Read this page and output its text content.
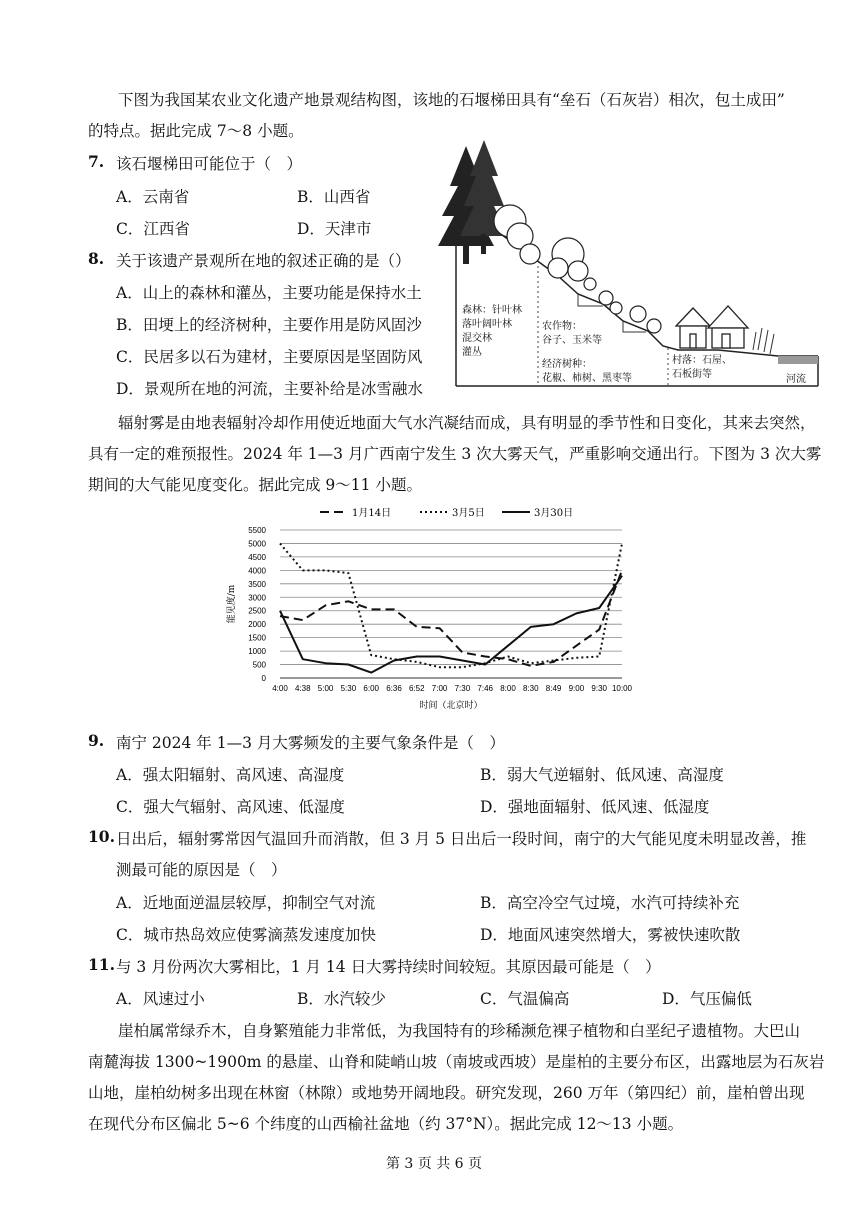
下图为我国某农业文化遗产地景观结构图，该地的石堰梯田具有“垒石（石灰岩）相次，包土成田”
的特点。据此完成 7～8 小题。
7. 该石堰梯田可能位于（　）
A．云南省	B．山西省
C．江西省	D．天津市
8. 关于该遗产景观所在地的叙述正确的是（）
A．山上的森林和灌丛，主要功能是保持水土
B．田埂上的经济树种，主要作用是防风固沙
C．民居多以石为建材，主要原因是坚固防风
D．景观所在地的河流，主要补给是冰雪融水
森林：针叶林
落叶阔叶林
混交林
灌丛
农作物：
谷子、玉米等
经济树种：
花椒、柿树、黑枣等
村落：石屋、
石板街等	河流
辐射雾是由地表辐射冷却作用使近地面大气水汽凝结而成，具有明显的季节性和日变化，其来去突然，
具有一定的难预报性。2024 年 1—3 月广西南宁发生 3 次大雾天气，严重影响交通出行。下图为 3 次大雾
期间的大气能见度变化。据此完成 9～11 小题。
0
500
1000
1500
2000
2500
3000
3500
4000
4500
5000
5500
4:00 4:38 5:00 5:30 6:00 6:36 6:52 7:00 7:30 7:46 8:00 8:30 8:49 9:00 9:30 10:00
时间（北京时）
能见度/m
1月14日	3月5日	3月30日
9. 南宁 2024 年 1—3 月大雾频发的主要气象条件是（　）
A．强太阳辐射、高风速、高湿度	B．弱大气逆辐射、低风速、高湿度
C．强大气辐射、高风速、低湿度	D．强地面辐射、低风速、低湿度
10. 日出后，辐射雾常因气温回升而消散，但 3 月 5 日出后一段时间，南宁的大气能见度未明显改善，推
测最可能的原因是（　）
A．近地面逆温层较厚，抑制空气对流	B．高空冷空气过境，水汽可持续补充
C．城市热岛效应使雾滴蒸发速度加快	D．地面风速突然增大，雾被快速吹散
11. 与 3 月份两次大雾相比，1 月 14 日大雾持续时间较短。其原因最可能是（　）
A．风速过小	B．水汽较少	C．气温偏高	D．气压偏低
崖柏属常绿乔木，自身繁殖能力非常低，为我国特有的珍稀濒危裸子植物和白垩纪孑遗植物。大巴山
南麓海拔 1300~1900m 的悬崖、山脊和陡峭山坡（南坡或西坡）是崖柏的主要分布区，出露地层为石灰岩
山地，崖柏幼树多出现在林窗（林隙）或地势开阔地段。研究发现，260 万年（第四纪）前，崖柏曾出现
在现代分布区偏北 5~6 个纬度的山西榆社盆地（约 37°N）。据此完成 12～13 小题。
第 3 页 共 6 页
